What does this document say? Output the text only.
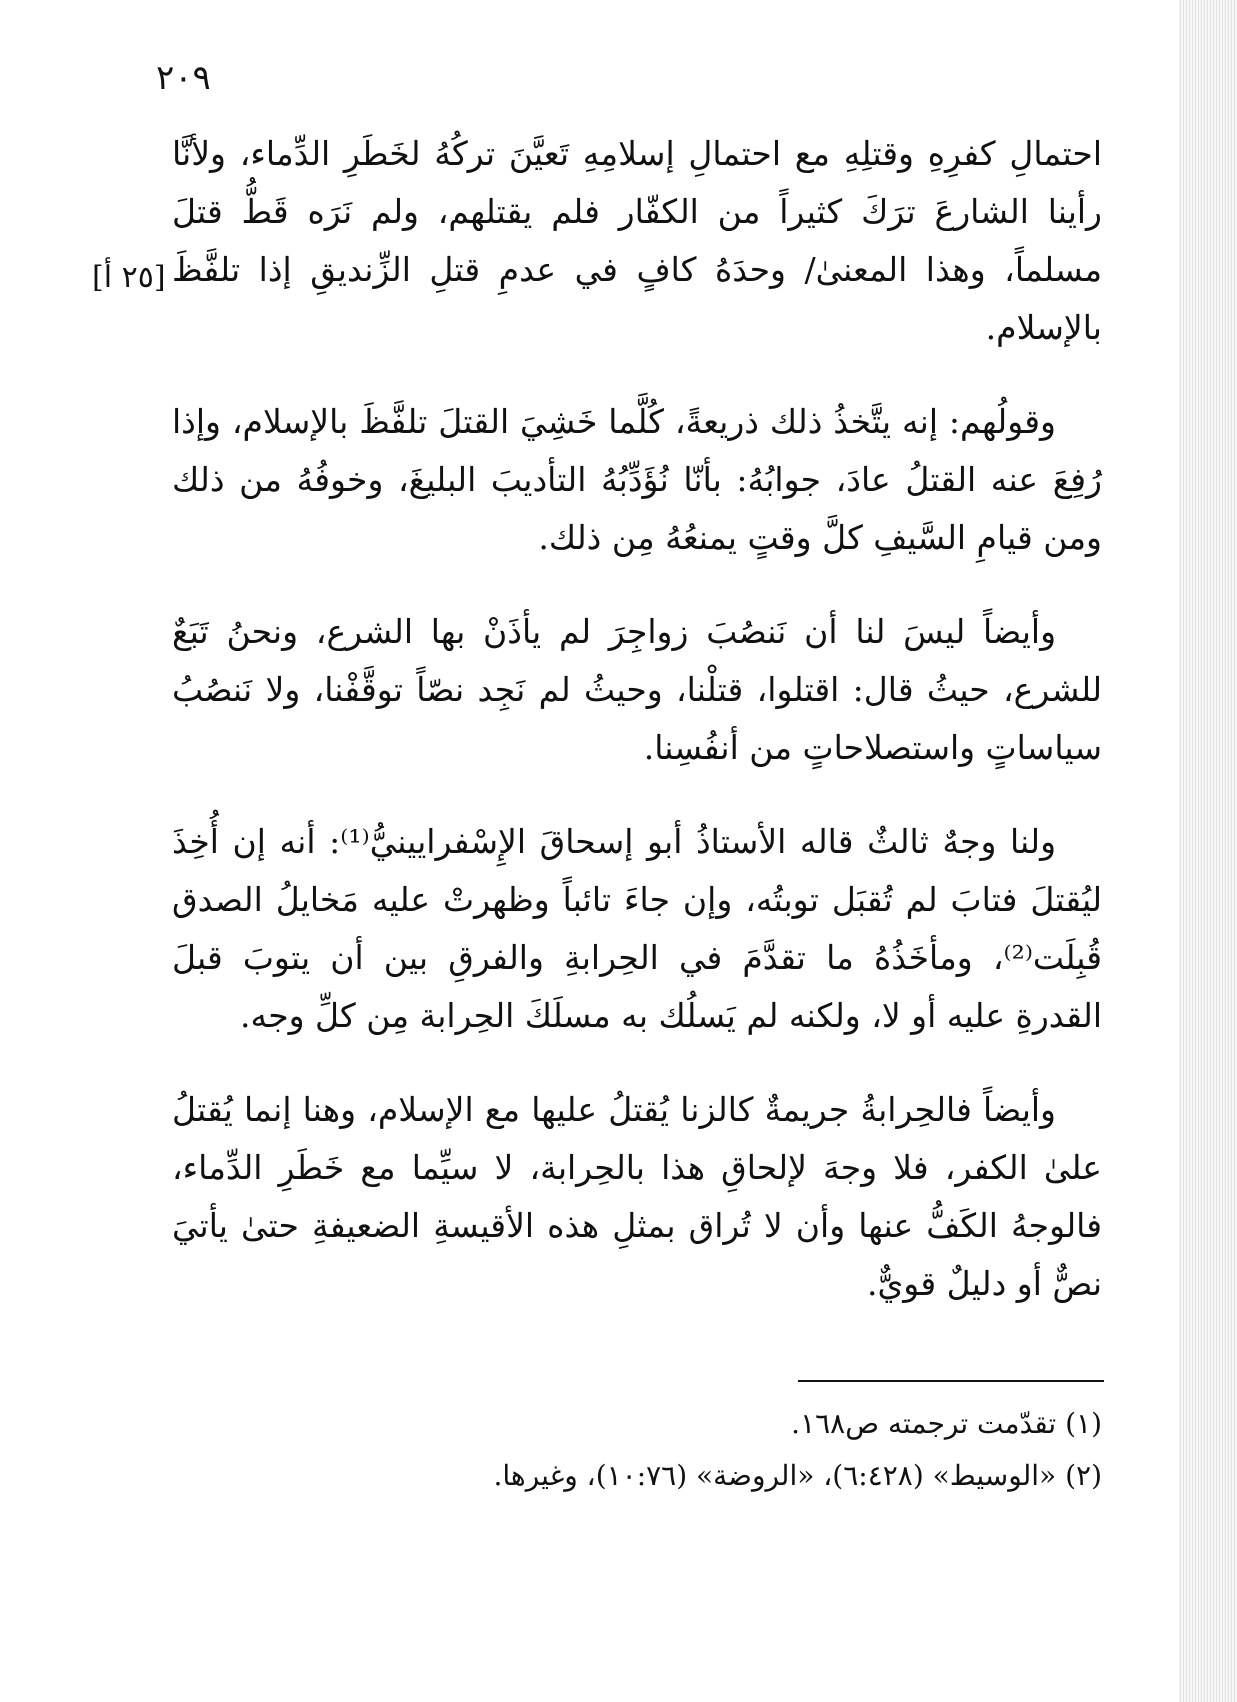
٢٠٩
[٢٥ أ]

احتمالِ كفرِهِ وقتلِهِ مع احتمالِ إسلامِهِ تَعيَّنَ تركُهُ لخَطَرِ الدِّماء، ولأنَّا رأينا الشارعَ ترَكَ كثيراً من الكفّار فلم يقتلهم، ولم نَرَه قَطُّ قتلَ مسلماً، وهذا المعنىٰ/ وحدَهُ كافٍ في عدمِ قتلِ الزِّنديقِ إذا تلفَّظَ بالإسلام.

وقولُهم: إنه يتَّخذُ ذلك ذريعةً، كُلَّما خَشِيَ القتلَ تلفَّظَ بالإسلام، وإذا رُفِعَ عنه القتلُ عادَ، جوابُهُ: بأنّا نُؤَدِّبُهُ التأديبَ البليغَ، وخوفُهُ من ذلك ومن قيامِ السَّيفِ كلَّ وقتٍ يمنعُهُ مِن ذلك.

وأيضاً ليسَ لنا أن نَنصُبَ زواجِرَ لم يأذَنْ بها الشرع، ونحنُ تَبَعٌ للشرع، حيثُ قال: اقتلوا، قتلْنا، وحيثُ لم نَجِد نصّاً توقَّفْنا، ولا نَنصُبُ سياساتٍ واستصلاحاتٍ من أنفُسِنا.

ولنا وجهٌ ثالثٌ قاله الأستاذُ أبو إسحاقَ الإِسْفرايينيُّ⁽¹⁾: أنه إن أُخِذَ ليُقتلَ فتابَ لم تُقبَل توبتُه، وإن جاءَ تائباً وظهرتْ عليه مَخايلُ الصدق قُبِلَت⁽²⁾، ومأخَذُهُ ما تقدَّمَ في الحِرابةِ والفرقِ بين أن يتوبَ قبلَ القدرةِ عليه أو لا، ولكنه لم يَسلُك به مسلَكَ الحِرابة مِن كلِّ وجه.

وأيضاً فالحِرابةُ جريمةٌ كالزنا يُقتلُ عليها مع الإسلام، وهنا إنما يُقتلُ علىٰ الكفر، فلا وجهَ لإلحاقِ هذا بالحِرابة، لا سيِّما مع خَطَرِ الدِّماء، فالوجهُ الكَفُّ عنها وأن لا تُراق بمثلِ هذه الأقيسةِ الضعيفةِ حتىٰ يأتيَ نصٌّ أو دليلٌ قويٌّ.

(١) تقدّمت ترجمته ص١٦٨.

(٢) «الوسيط» (٦:٤٢٨)، «الروضة» (١٠:٧٦)، وغيرها.
